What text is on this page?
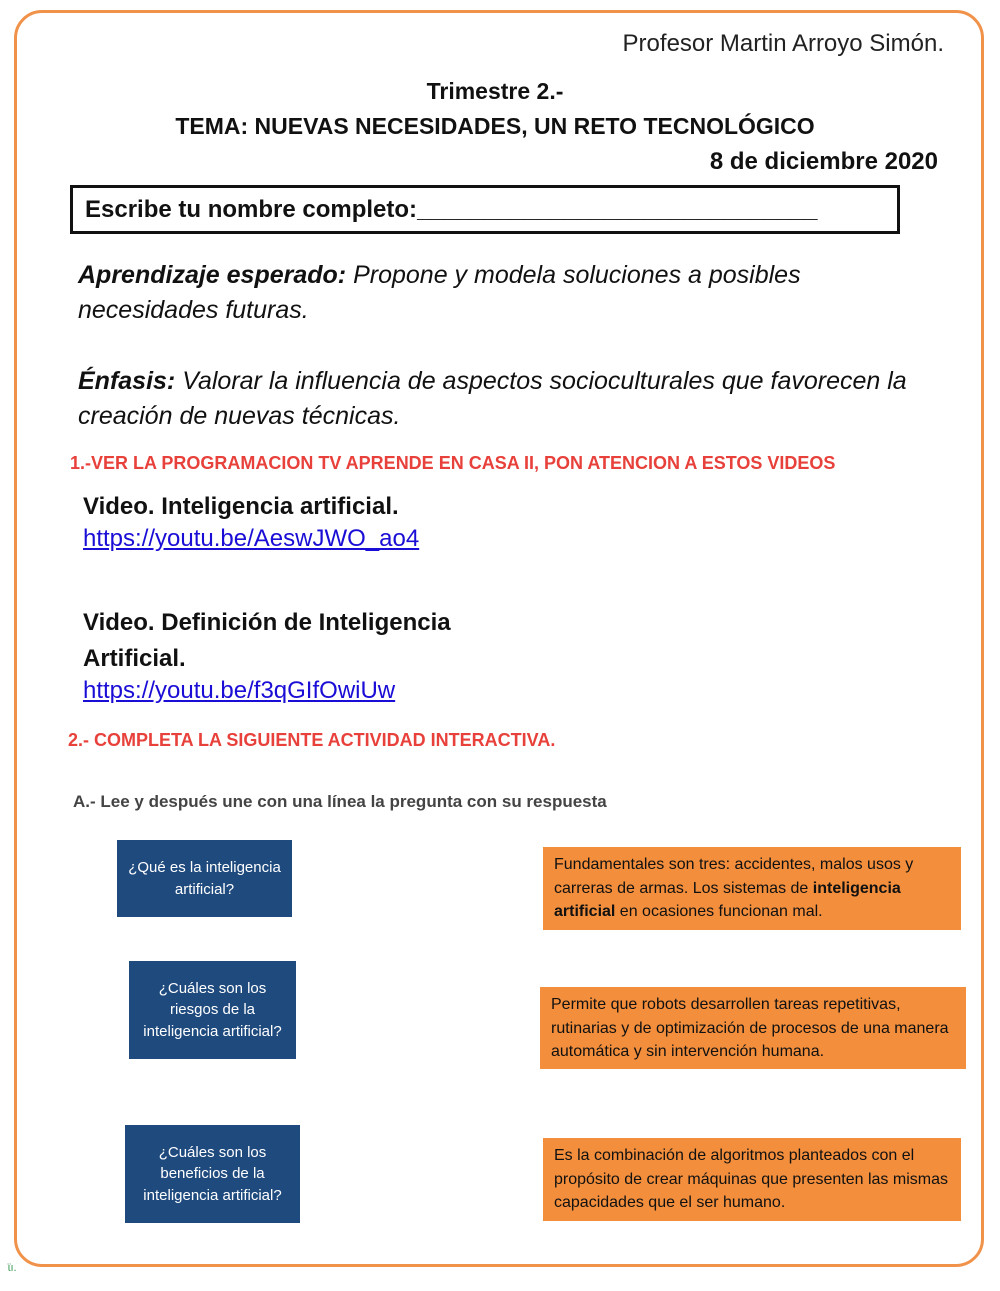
Profesor Martin Arroyo Simón.

Trimestre 2.-

TEMA: NUEVAS NECESIDADES, UN RETO TECNOLÓGICO

8 de diciembre 2020

Escribe tu nombre completo:______________________________

Aprendizaje esperado: Propone y modela soluciones a posibles necesidades futuras.

Énfasis: Valorar la influencia de aspectos socioculturales que favorecen la creación de nuevas técnicas.

1.-VER LA PROGRAMACION TV APRENDE EN CASA II, PON ATENCION A ESTOS VIDEOS

Video. Inteligencia artificial.

https://youtu.be/AeswJWO_ao4

Video. Definición de Inteligencia Artificial.

https://youtu.be/f3qGIfOwiUw

2.- COMPLETA LA SIGUIENTE ACTIVIDAD INTERACTIVA.

A.- Lee y después une con una línea la pregunta con su respuesta

¿Qué es la inteligencia artificial?
¿Cuáles son los riesgos de la inteligencia artificial?
¿Cuáles son los beneficios de la inteligencia artificial?
Fundamentales son tres: accidentes, malos usos y carreras de armas. Los sistemas de inteligencia artificial en ocasiones funcionan mal.
Permite que robots desarrollen tareas repetitivas, rutinarias y de optimización de procesos de una manera automática y sin intervención humana.
Es la combinación de algoritmos planteados con el propósito de crear máquinas que presenten las mismas capacidades que el ser humano.
ɩ̈ı.
